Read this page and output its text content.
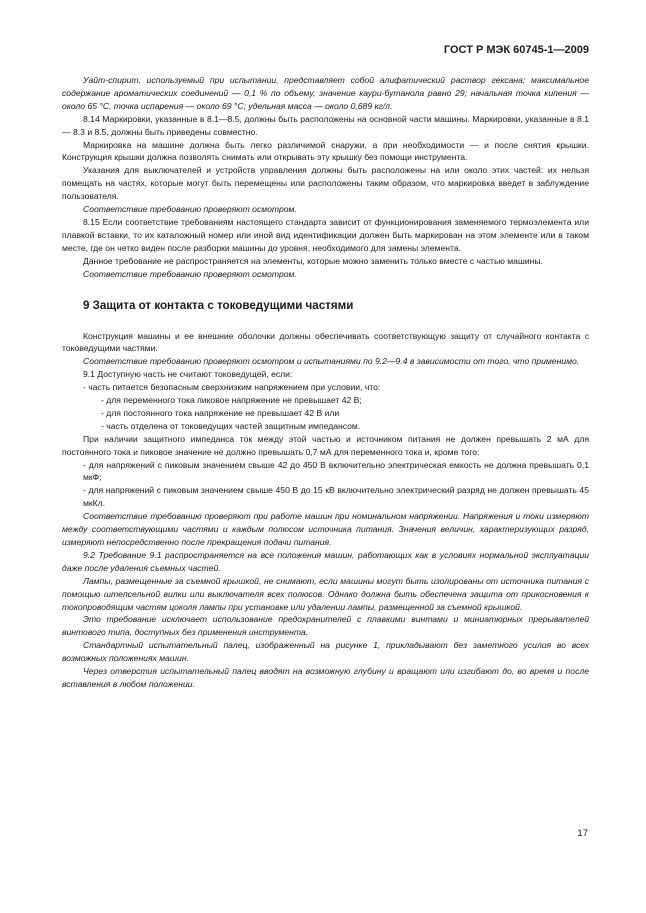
ГОСТ Р МЭК 60745-1—2009

Уайт-спирит, используемый при испытании, представляет собой алифатический раствор гексана; максимальное содержание ароматических соединений — 0,1 % по объему, значение каури-бутанола равно 29; начальная точка кипения — около 65 °C, точка испарения — около 69 °C; удельная масса — около 0,689 кг/л.

8.14 Маркировки, указанные в 8.1—8.5, должны быть расположены на основной части машины. Маркировки, указанные в 8.1 — 8.3 и 8.5, должны быть приведены совместно.

Маркировка на машине должна быть легко различимой снаружи, а при необходимости — и после снятия крышки. Конструкция крышки должна позволять снимать или открывать эту крышку без помощи инструмента.

Указания для выключателей и устройств управления должны быть расположены на или около этих частей: их нельзя помещать на частях, которые могут быть перемещены или расположены таким образом, что маркировка введет в заблуждение пользователя.

Соответствие требованию проверяют осмотром.

8.15 Если соответствие требованиям настоящего стандарта зависит от функционирования заменяемого термоэлемента или плавкой вставки, то их каталожный номер или иной вид идентификации должен быть маркирован на этом элементе или в таком месте, где он четко виден после разборки машины до уровня, необходимого для замены элемента.

Данное требование не распространяется на элементы, которые можно заменить только вместе с частью машины.

Соответствие требованию проверяют осмотром.

9 Защита от контакта с токоведущими частями

Конструкция машины и ее внешние оболочки должны обеспечивать соответствующую защиту от случайного контакта с токоведущими частями.

Соответствие требованию проверяют осмотром и испытаниями по 9.2—9.4 в зависимости от того, что применимо.

9.1 Доступную часть не считают токоведущей, если:

- часть питается безопасным сверхнизким напряжением при условии, что:

- для переменного тока пиковое напряжение не превышает 42 В;

- для постоянного тока напряжение не превышает 42 В или

- часть отделена от токоведущих частей защитным импедансом.

При наличии защитного импеданса ток между этой частью и источником питания не должен превышать 2 мА для постоянного тока и пиковое значение не должно превышать 0,7 мА для переменного тока и, кроме того:

- для напряжений с пиковым значением свыше 42 до 450 В включительно электрическая емкость не должна превышать 0,1 мкФ;

- для напряжений с пиковым значением свыше 450 В до 15 кВ включительно электрический разряд не должен превышать 45 мкКл.

Соответствие требованию проверяют при работе машин при номинальном напряжении. Напряжения и токи измеряют между соответствующими частями и каждым полюсом источника питания. Значения величин, характеризующих разряд, измеряют непосредственно после прекращения подачи питания.

9.2 Требование 9.1 распространяется на все положения машин, работающих как в условиях нормальной эксплуатации даже после удаления съемных частей.

Лампы, размещенные за съемной крышкой, не снимают, если машины могут быть изолированы от источника питания с помощью штепсельной вилки или выключателя всех полюсов. Однако должна быть обеспечена защита от прикосновения к токопроводящим частям цоколя лампы при установке или удалении лампы, размещенной за съемной крышкой.

Это требование исключает использование предохранителей с плавкими винтами и миниатюрных прерывателей винтового типа, доступных без применения инструмента.

Стандартный испытательный палец, изображенный на рисунке 1, прикладывают без заметного усилия во всех возможных положениях машин.

Через отверстия испытательный палец вводят на возможную глубину и вращают или изгибают до, во время и после вставления в любом положении.

17
